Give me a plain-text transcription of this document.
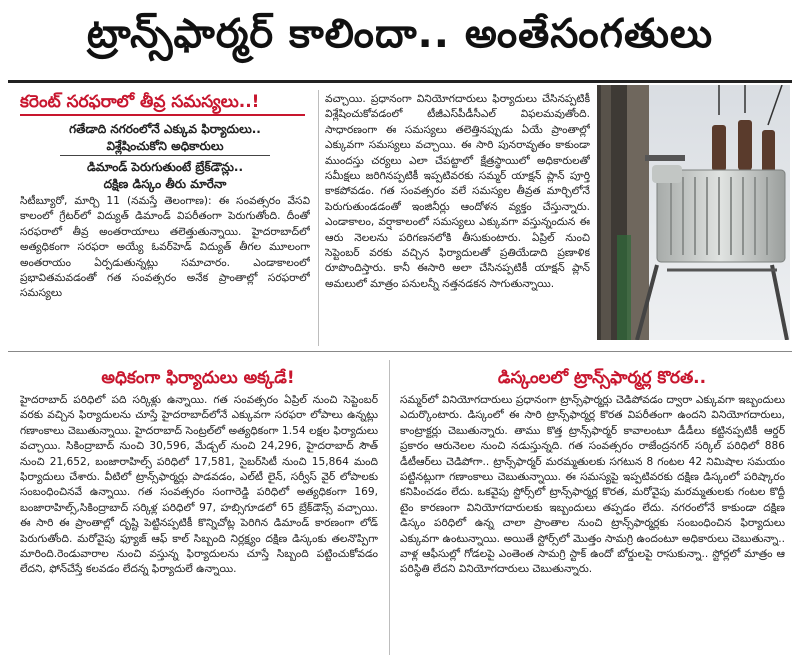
ట్రాన్స్‌ఫార్మర్ కాలిందా.. అంతేసంగతులు
కరెంట్ సరఫరాలో తీవ్ర సమస్యలు..!
గతేడాది నగరంలోనే ఎక్కువ ఫిర్యాదులు..
విశ్లేషించుకోని అధికారులు
డిమాండ్ పెరుగుతుంటే బ్రేక్‌డౌన్లు..
దక్షిణ డిస్కం తీరు మారేనా
సిటీబ్యూరో, మార్చి 11 (నమస్తే తెలంగాణ): ఈ సంవత్సరం వేసవి కాలంలో గ్రేటర్‌లో విద్యుత్ డిమాండ్ విపరీతంగా పెరుగుతోంది. దీంతో సరఫరాలో తీవ్ర అంతరాయాలు తలెత్తుతున్నాయి. హైదరాబాద్‌లో అత్యధికంగా సరఫరా అయ్యే ఓవర్‌హెడ్ విద్యుత్ తీగల మూలంగా అంతరాయం ఏర్పడుతున్నట్లు సమాచారం. ఎండాకాలంలో ప్రభావితమవడంతో గత సంవత్సరం అనేక ప్రాంతాల్లో సరఫరాలో సమస్యలు
వచ్చాయి. ప్రధానంగా వినియోగదారులు ఫిర్యాదులు చేసినప్పటికీ విశ్లేషించుకోవడంలో టీజీఎస్‌పీడీసీఎల్ విఫలమవుతోంది. సాధారణంగా ఈ సమస్యలు తలెత్తినప్పుడు ఏయే ప్రాంతాల్లో ఎక్కువగా సమస్యలు వచ్చాయి. ఈ సారి పునరావృతం కాకుండా ముందస్తు చర్యలు ఎలా చేపట్టాలో క్షేత్రస్థాయిలో అధికారులతో సమీక్షలు జరిగినప్పటికీ ఇప్పటివరకు సమ్మర్ యాక్షన్ ప్లాన్ పూర్తి కాకపోవడం. గత సంవత్సరం వలే సమస్యల తీవ్రత మార్చిలోనే పెరుగుతుండడంతో ఇంజినీర్లు ఆందోళన వ్యక్తం చేస్తున్నారు. ఎండాకాలం, వర్షాకాలంలో సమస్యలు ఎక్కువగా వస్తున్నందున ఈ ఆరు నెలలను పరిగణనలోకి తీసుకుంటారు. ఏప్రిల్ నుంచి సెప్టెంబర్ వరకు వచ్చిన ఫిర్యాదులతో ప్రతియేడాది ప్రణాళిక రూపొందిస్తారు. కానీ ఈసారి అలా చేసినప్పటికీ యాక్షన్ ప్లాన్ అమలులో మాత్రం పనులన్నీ నత్తనడకన సాగుతున్నాయి.
అధికంగా ఫిర్యాదులు అక్కడే!
హైదరాబాద్ పరిధిలో పది సర్కిళ్లు ఉన్నాయి. గత సంవత్సరం ఏప్రిల్ నుంచి సెప్టెంబర్ వరకు వచ్చిన ఫిర్యాదులను చూస్తే హైదరాబాద్‌లోనే ఎక్కువగా సరఫరా లోపాలు ఉన్నట్లు గణాంకాలు చెబుతున్నాయి. హైదరాబాద్ సెంట్రల్‌లో అత్యధికంగా 1.54 లక్షల ఫిర్యాదులు వచ్చాయి. సికింద్రాబాద్ నుంచి 30,596, మేడ్చల్ నుంచి 24,296, హైదరాబాద్ సౌత్ నుంచి 21,652, బంజారాహిల్స్ పరిధిలో 17,581, సైబర్‌సిటీ నుంచి 15,864 మంది ఫిర్యాదులు చేశారు. వీటిలో ట్రాన్స్‌ఫార్మర్లు పాడవడం, ఎల్‌టీ లైన్, సర్వీస్ వైర్ లోపాలకు సంబంధించినవే ఉన్నాయి. గత సంవత్సరం సంగారెడ్డి పరిధిలో అత్యధికంగా 169, బంజారాహిల్స్,సికింద్రాబాద్ సర్కిళ్ల పరిధిలో 97, హబ్సిగూడలో 65 బ్రేక్‌డౌన్స్ వచ్చాయి. ఈ సారి ఈ ప్రాంతాల్లో దృష్టి పెట్టినప్పటికీ కొన్నిచోట్ల పెరిగిన డిమాండ్ కారణంగా లోడ్ పెరుగుతోంది. మరోవైపు ఫ్యూజ్ ఆఫ్ కాల్ సిబ్బంది నిర్లక్ష్యం దక్షిణ డిస్కంకు తలనొప్పిగా మారింది.రెండువారాల నుంచి వస్తున్న ఫిర్యాదులను చూస్తే సిబ్బంది పట్టించుకోవడం లేదని, ఫోన్‌చేస్తే కలవడం లేదన్న ఫిర్యాదులే ఉన్నాయి.
డిస్కంలలో ట్రాన్స్‌ఫార్మర్ల కొరత..
సమ్మర్‌లో వినియోగదారులు ప్రధానంగా ట్రాన్స్‌ఫార్మర్లు చెడిపోవడం ద్వారా ఎక్కువగా ఇబ్బందులు ఎదుర్కొంటారు. డిస్కంలో ఈ సారి ట్రాన్స్‌ఫార్మర్ల కొరత విపరీతంగా ఉందని వినియోగదారులు, కాంట్రాక్టర్లు చెబుతున్నారు. తాము కొత్త ట్రాన్స్‌ఫార్మర్ కావాలంటూ డీడీలు కట్టినప్పటికీ ఆర్డర్ ప్రకారం ఆరునెలల నుంచి నడుస్తున్నది. గత సంవత్సరం రాజేంద్రనగర్ సర్కిల్ పరిధిలో 886 డీటీఆర్‌లు చెడిపోగా.. ట్రాన్స్‌ఫార్మర్ మరమ్మతులకు సగటున 8 గంటల 42 నిమిషాల సమయం పట్టినట్లుగా గణాంకాలు చెబుతున్నాయి. ఈ సమస్యపై ఇప్పటివరకు దక్షిణ డిస్కంలో పరిష్కారం కనిపించడం లేదు. ఒకవైపు స్టోర్స్‌లో ట్రాన్స్‌ఫార్మర్ల కొరత, మరోవైపు మరమ్మతులకు గంటల కొద్దీ టైం కారణంగా వినియోగదారులకు ఇబ్బందులు తప్పడం లేదు. నగరంలోనే కాకుండా దక్షిణ డిస్కం పరిధిలో ఉన్న చాలా ప్రాంతాల నుంచి ట్రాన్స్‌ఫార్మర్లకు సంబంధించిన ఫిర్యాదులు ఎక్కువగా ఉంటున్నాయి. అయితే స్టోర్స్‌లో మొత్తం సామగ్రి ఉందంటూ అధికారులు చెబుతున్నా.. వాళ్ల ఆఫీసుల్లో గోడలపై ఎంతెంత సామగ్రి స్టాక్ ఉందో బోర్డులపై రాసుకున్నా.. స్టోర్లలో మాత్రం ఆ పరిస్థితి లేదని వినియోగదారులు చెబుతున్నారు.
